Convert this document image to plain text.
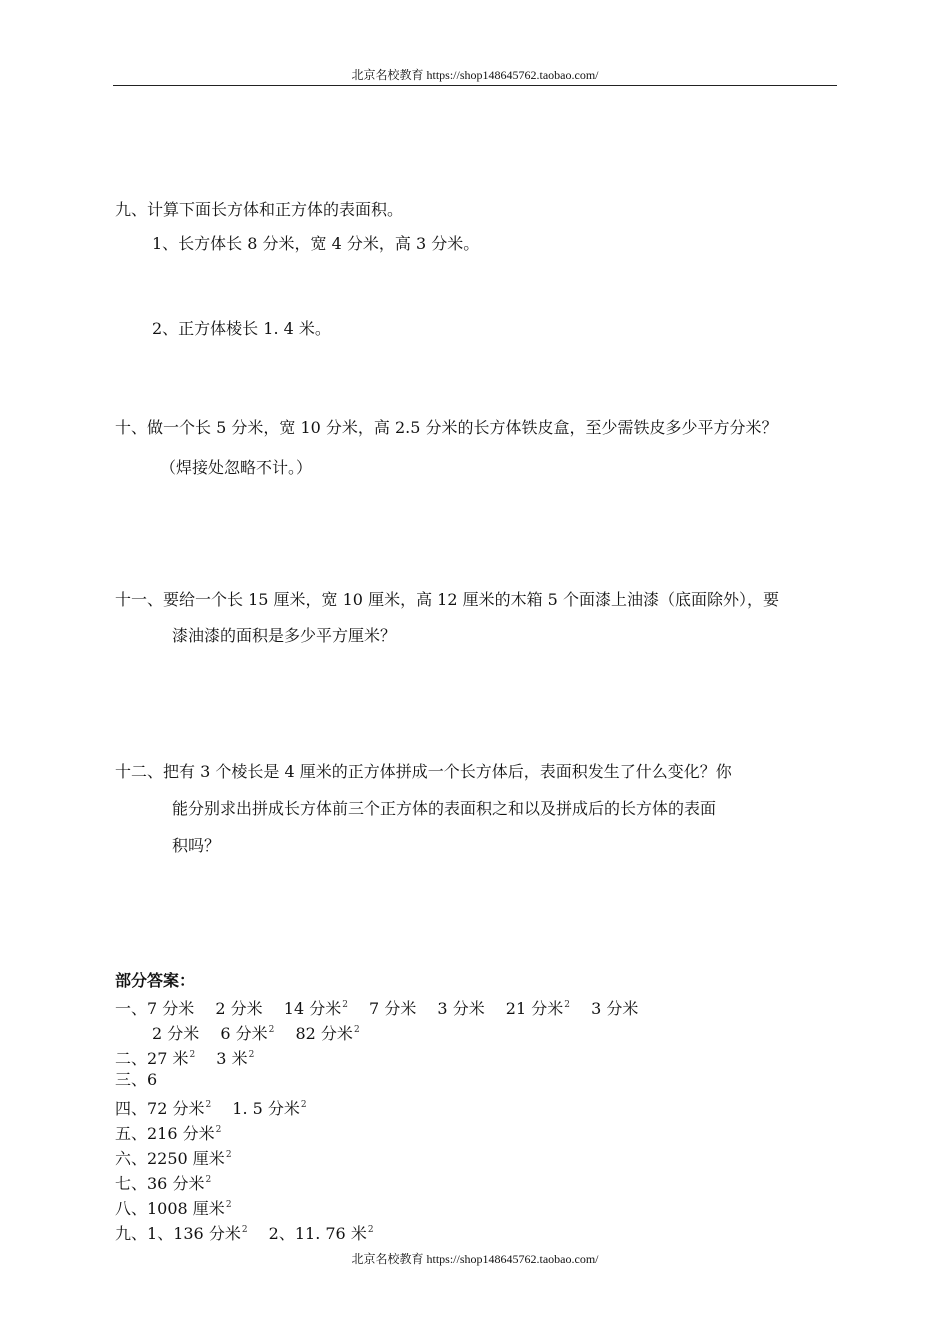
北京名校教育 https://shop148645762.taobao.com/
九、计算下面长方体和正方体的表面积。
1、长方体长 8 分米，宽 4 分米，高 3 分米。
2、正方体棱长 1. 4 米。
十、做一个长 5 分米，宽 10 分米，高 2.5 分米的长方体铁皮盒，至少需铁皮多少平方分米？
（焊接处忽略不计。）
十一、要给一个长 15 厘米，宽 10 厘米，高 12 厘米的木箱 5 个面漆上油漆（底面除外），要
漆油漆的面积是多少平方厘米？
十二、把有 3 个棱长是 4 厘米的正方体拼成一个长方体后，表面积发生了什么变化？你
能分别求出拼成长方体前三个正方体的表面积之和以及拼成后的长方体的表面
积吗？
部分答案：
一、7 分米 2 分米 14 分米$^2$ 7 分米 3 分米 21 分米$^2$ 3 分米
2 分米 6 分米$^2$ 82 分米$^2$
二、27 米$^2$ 3 米$^2$
三、6
四、72 分米$^2$ 1. 5 分米$^2$
五、216 分米$^2$
六、2250 厘米$^2$
七、36 分米$^2$
八、1008 厘米$^2$
九、1、136 分米$^2$ 2、11. 76 米$^2$
北京名校教育 https://shop148645762.taobao.com/
